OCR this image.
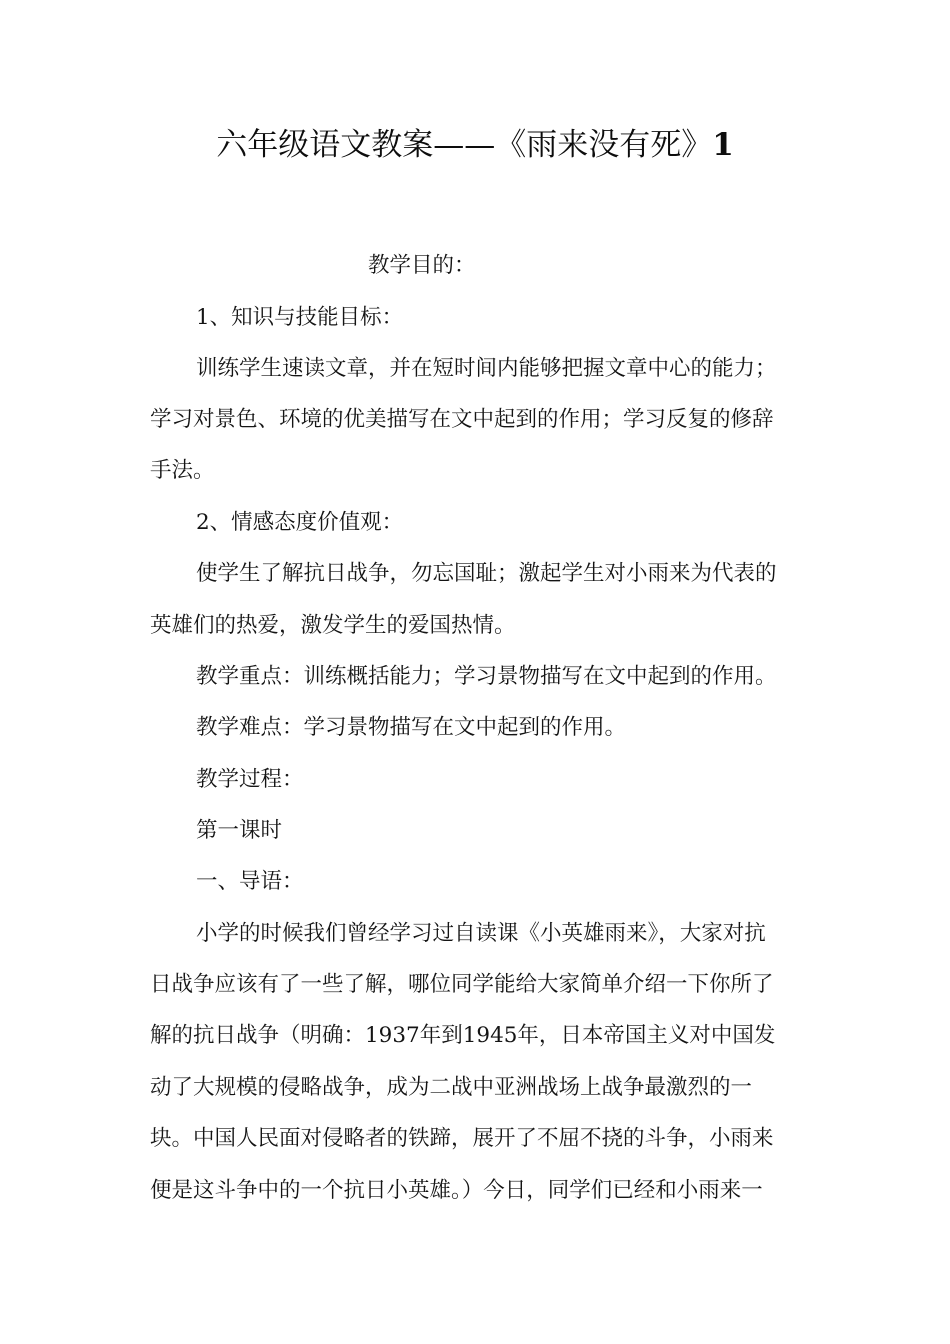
六年级语文教案——《雨来没有死》1
教学目的：
1、知识与技能目标：
训练学生速读文章，并在短时间内能够把握文章中心的能力；
学习对景色、环境的优美描写在文中起到的作用；学习反复的修辞
手法。
2、情感态度价值观：
使学生了解抗日战争，勿忘国耻；激起学生对小雨来为代表的
英雄们的热爱，激发学生的爱国热情。
教学重点：训练概括能力；学习景物描写在文中起到的作用。
教学难点：学习景物描写在文中起到的作用。
教学过程：
第一课时
一、导语：
小学的时候我们曾经学习过自读课《小英雄雨来》，大家对抗
日战争应该有了一些了解，哪位同学能给大家简单介绍一下你所了
解的抗日战争（明确：1937年到1945年，日本帝国主义对中国发
动了大规模的侵略战争，成为二战中亚洲战场上战争最激烈的一
块。中国人民面对侵略者的铁蹄，展开了不屈不挠的斗争，小雨来
便是这斗争中的一个抗日小英雄。）今日，同学们已经和小雨来一
